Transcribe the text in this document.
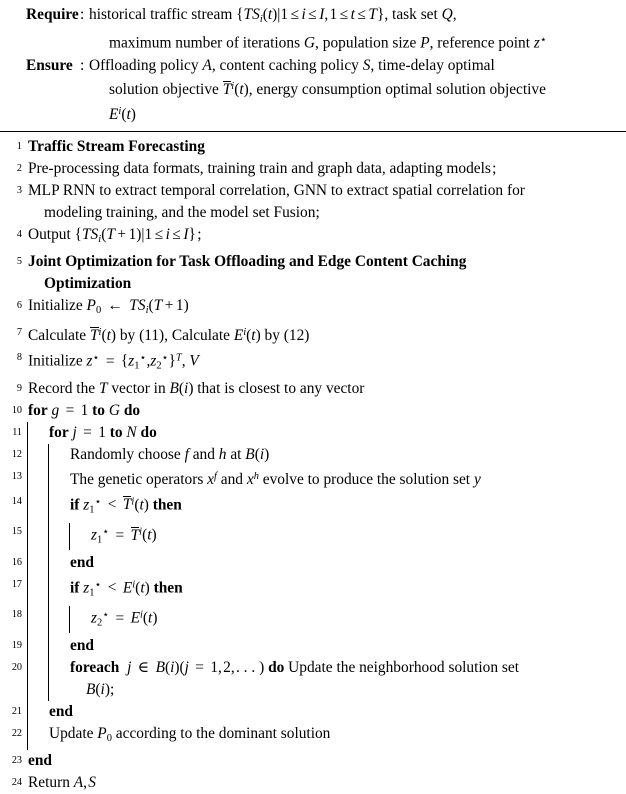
Require : historical traffic stream {$TS_i(t)|1 \le i \le I$, 1 ≤ t ≤ T}, task set Q,
maximum number of iterations G, population size P, reference point z⋆
Ensure : Offloading policy A, content caching policy S, time-delay optimal
solution objective $T^i(t)$, energy consumption optimal solution objective
$E^i(t)$
1 Traffic Stream Forecasting
2 Pre-processing data formats, training train and graph data, adapting models ;
3 MLP RNN to extract temporal correlation, GNN to extract spatial correlation for
modeling training, and the model set Fusion;
4 Output $\{TS_i(T + 1)|1 \le i \le I\}$ ;
5 Joint Optimization for Task Offloading and Edge Content Caching
Optimization
6 Initialize $P_0$ ← $TS_i(T + 1)$
7 Calculate $T^i(t)$ by (11), Calculate $E^i(t)$ by (12)
8 Initialize $z^⋆ = \{z_1^⋆,z_2^⋆\}^T$, V
9 Record the T vector in B(i) that is closest to any vector
10 for g = 1 to G do
11 for j = 1 to N do
12	Randomly choose f and h at B(i)
13	The genetic operators $x^f$ and $x^h$ evolve to produce the solution set y
14	if $z_1^⋆ < T^i(t)$ then
15	$z_1^⋆ = T^i(t)$
16	end
17	if $z_1^⋆ < E^i(t)$ then
18	$z_2^⋆ = E^i(t)$
19	end
20	foreach j ∈ B(i)(j = 1, 2, . . . ) do Update the neighborhood solution set
B(i);
21 end
22 Update $P_0$ according to the dominant solution
23 end
24 Return A, S
